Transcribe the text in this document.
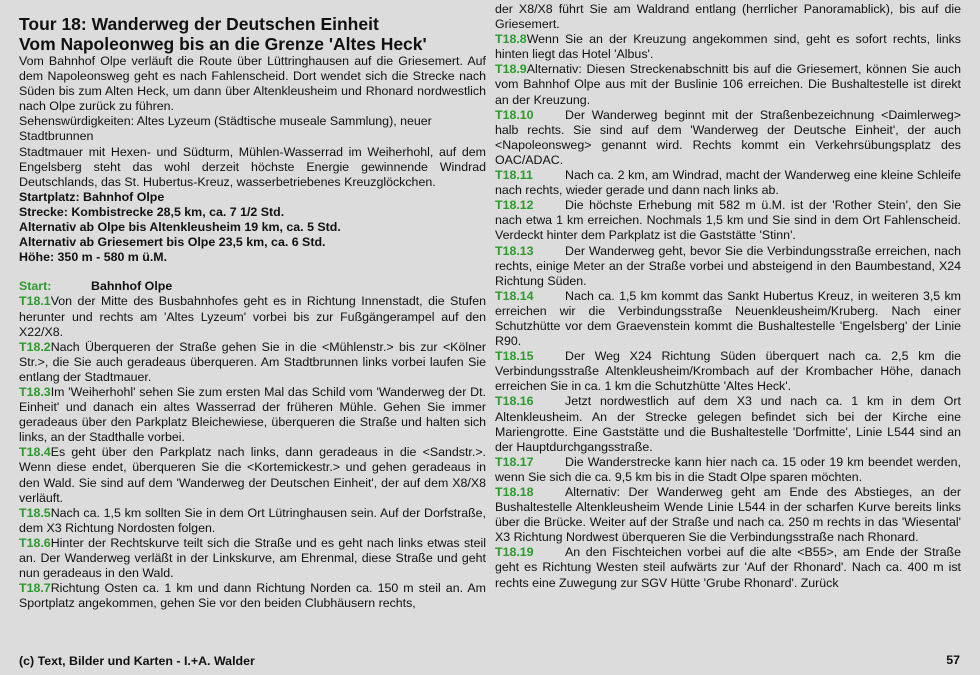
Tour 18: Wanderweg der Deutschen Einheit
Vom Napoleonweg bis an die Grenze 'Altes Heck'

Vom Bahnhof Olpe verläuft die Route über Lüttringhausen auf die Griesemert. Auf dem Napoleonsweg geht es nach Fahlenscheid. Dort wendet sich die Strecke nach Süden bis zum Alten Heck, um dann über Altenkleusheim und Rhonard nordwestlich nach Olpe zurück zu führen.

Sehenswürdigkeiten: Altes Lyzeum (Städtische museale Sammlung), neuer Stadtbrunnen

Stadtmauer mit Hexen- und Südturm, Mühlen-Wasserrad im Weiherhohl, auf dem Engelsberg steht das wohl derzeit höchste Energie gewinnende Windrad Deutschlands, das St. Hubertus-Kreuz, wasserbetriebenes Kreuzglöckchen.

Startplatz: Bahnhof Olpe

Strecke: Kombistrecke 28,5 km, ca. 7 1/2 Std.

Alternativ ab Olpe bis Altenkleusheim 19 km, ca. 5 Std.

Alternativ ab Griesemert bis Olpe 23,5 km, ca. 6 Std.

Höhe: 350 m - 580 m ü.M.

Start:	Bahnhof Olpe

T18.1Von der Mitte des Busbahnhofes geht es in Richtung Innenstadt, die Stufen herunter und rechts am 'Altes Lyzeum' vorbei bis zur Fußgängerampel auf den X22/X8.

T18.2Nach Überqueren der Straße gehen Sie in die <Mühlenstr.> bis zur <Kölner Str.>, die Sie auch geradeaus überqueren. Am Stadtbrunnen links vorbei laufen Sie entlang der Stadtmauer.

T18.3Im 'Weiherhohl' sehen Sie zum ersten Mal das Schild vom 'Wanderweg der Dt. Einheit' und danach ein altes Wasserrad der früheren Mühle. Gehen Sie immer geradeaus über den Parkplatz Bleichewiese, überqueren die Straße und halten sich links, an der Stadthalle vorbei.

T18.4Es geht über den Parkplatz nach links, dann geradeaus in die <Sandstr.>. Wenn diese endet, überqueren Sie die <Kortemickestr.> und gehen geradeaus in den Wald. Sie sind auf dem 'Wanderweg der Deutschen Einheit', der auf dem X8/X8 verläuft.

T18.5Nach ca. 1,5 km sollten Sie in dem Ort Lütringhausen sein. Auf der Dorfstraße, dem X3 Richtung Nordosten folgen.

T18.6Hinter der Rechtskurve teilt sich die Straße und es geht nach links etwas steil an. Der Wanderweg verläßt in der Linkskurve, am Ehrenmal, diese Straße und geht nun geradeaus in den Wald.

T18.7Richtung Osten ca. 1 km und dann Richtung Norden ca. 150 m steil an. Am Sportplatz angekommen, gehen Sie vor den beiden Clubhäusern rechts,

der X8/X8 führt Sie am Waldrand entlang (herrlicher Panoramablick), bis auf die Griesemert.

T18.8Wenn Sie an der Kreuzung angekommen sind, geht es sofort rechts, links hinten liegt das Hotel 'Albus'.

T18.9Alternativ: Diesen Streckenabschnitt bis auf die Griesemert, können Sie auch vom Bahnhof Olpe aus mit der Buslinie 106 erreichen. Die Bushaltestelle ist direkt an der Kreuzung.

T18.10	Der Wanderweg beginnt mit der Straßenbezeichnung <Daimlerweg> halb rechts. Sie sind auf dem 'Wanderweg der Deutsche Einheit', der auch <Napoleonsweg> genannt wird. Rechts kommt ein Verkehrsübungsplatz des OAC/ADAC.

T18.11	Nach ca. 2 km, am Windrad, macht der Wanderweg eine kleine Schleife nach rechts, wieder gerade und dann nach links ab.

T18.12	Die höchste Erhebung mit 582 m ü.M. ist der 'Rother Stein', den Sie nach etwa 1 km erreichen. Nochmals 1,5 km und Sie sind in dem Ort Fahlenscheid. Verdeckt hinter dem Parkplatz ist die Gaststätte 'Stinn'.

T18.13	Der Wanderweg geht, bevor Sie die Verbindungsstraße erreichen, nach rechts, einige Meter an der Straße vorbei und absteigend in den Baumbestand, X24 Richtung Süden.

T18.14	Nach ca. 1,5 km kommt das Sankt Hubertus Kreuz, in weiteren 3,5 km erreichen wir die Verbindungsstraße Neuenkleusheim/Kruberg. Nach einer Schutzhütte vor dem Graevenstein kommt die Bushaltestelle 'Engelsberg' der Linie R90.

T18.15	Der Weg X24 Richtung Süden überquert nach ca. 2,5 km die Verbindungsstraße Altenkleusheim/Krombach auf der Krombacher Höhe, danach erreichen Sie in ca. 1 km die Schutzhütte 'Altes Heck'.

T18.16	Jetzt nordwestlich auf dem X3 und nach ca. 1 km in dem Ort Altenkleusheim. An der Strecke gelegen befindet sich bei der Kirche eine Mariengrotte. Eine Gaststätte und die Bushaltestelle 'Dorfmitte', Linie L544 sind an der Hauptdurchgangsstraße.

T18.17	Die Wanderstrecke kann hier nach ca. 15 oder 19 km beendet werden, wenn Sie sich die ca. 9,5 km bis in die Stadt Olpe sparen möchten.

T18.18	Alternativ: Der Wanderweg geht am Ende des Abstieges, an der Bushaltestelle Altenkleusheim Wende Linie L544 in der scharfen Kurve bereits links über die Brücke. Weiter auf der Straße und nach ca. 250 m rechts in das 'Wiesental' X3 Richtung Nordwest überqueren Sie die Verbindungsstraße nach Rhonard.

T18.19	An den Fischteichen vorbei auf die alte <B55>, am Ende der Straße geht es Richtung Westen steil aufwärts zur 'Auf der Rhonard'. Nach ca. 400 m ist rechts eine Zuwegung zur SGV Hütte 'Grube Rhonard'. Zurück

(c) Text, Bilder und Karten - I.+A. Walder	57
